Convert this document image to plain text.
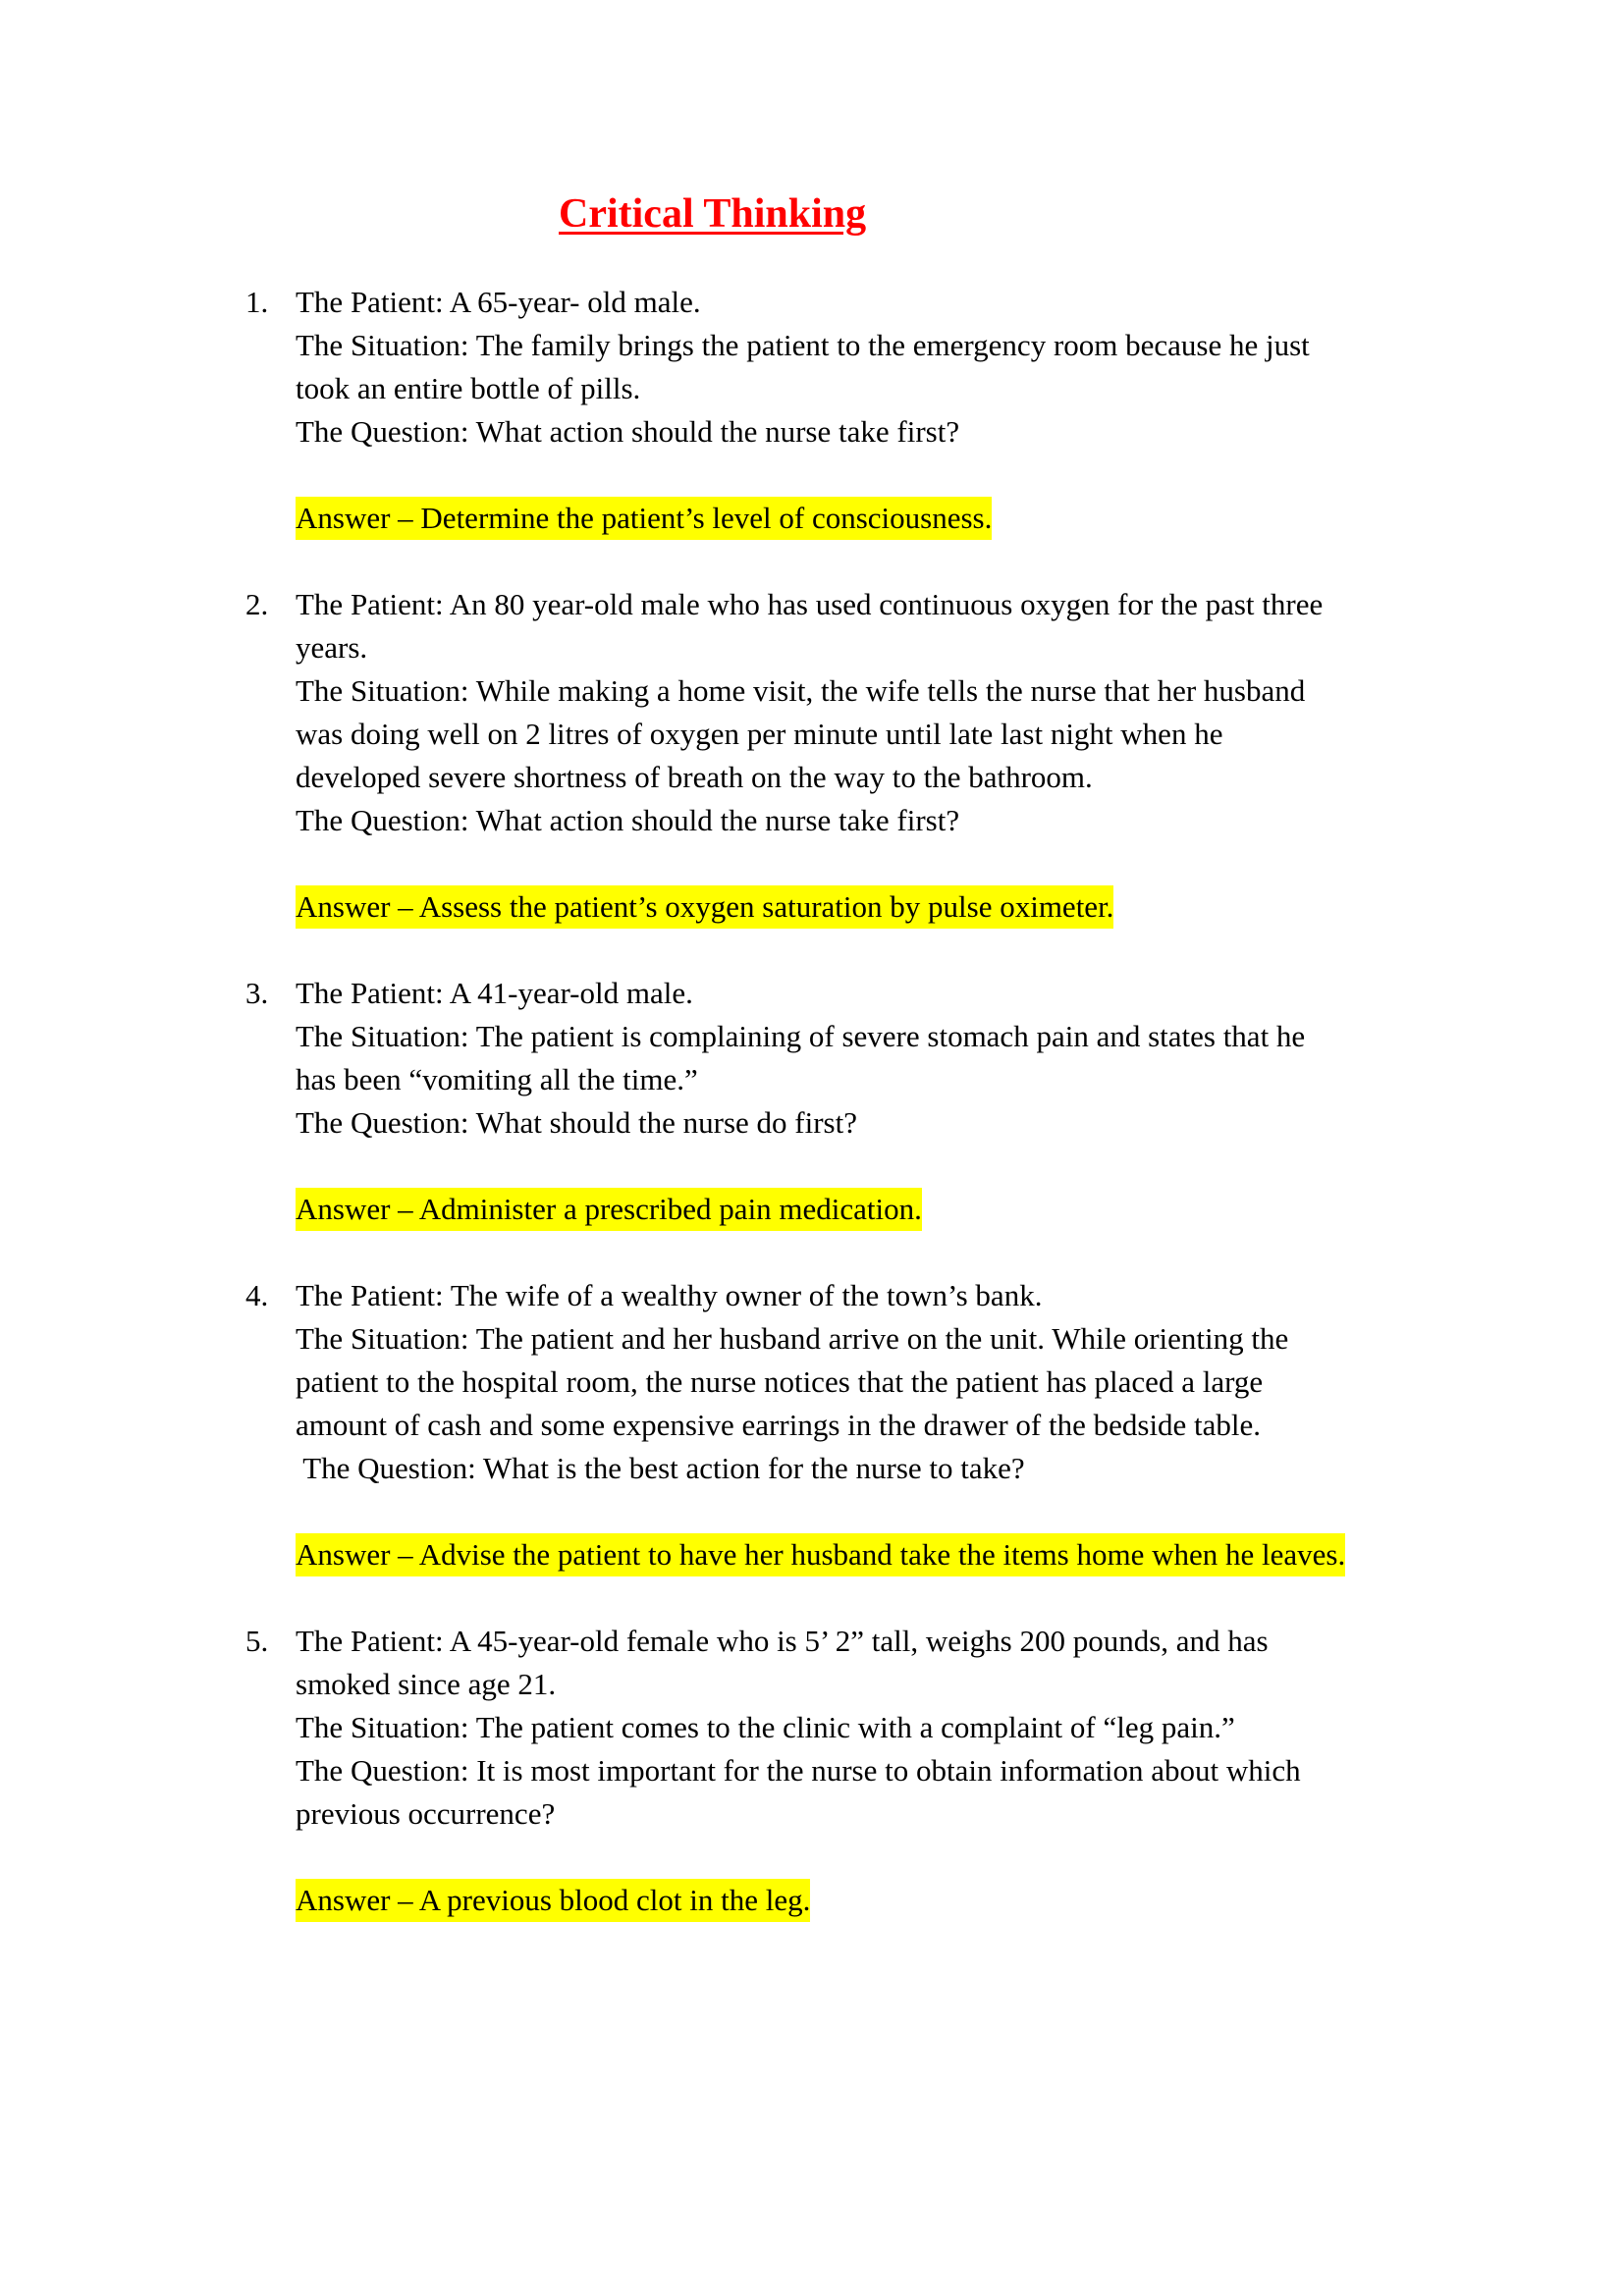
Critical Thinking
1. The Patient: A 65-year- old male.
The Situation: The family brings the patient to the emergency room because he just
took an entire bottle of pills.
The Question: What action should the nurse take first?
Answer – Determine the patient’s level of consciousness.
2. The Patient: An 80 year-old male who has used continuous oxygen for the past three
years.
The Situation: While making a home visit, the wife tells the nurse that her husband
was doing well on 2 litres of oxygen per minute until late last night when he
developed severe shortness of breath on the way to the bathroom.
The Question: What action should the nurse take first?
Answer – Assess the patient’s oxygen saturation by pulse oximeter.
3. The Patient: A 41-year-old male.
The Situation: The patient is complaining of severe stomach pain and states that he
has been “vomiting all the time.”
The Question: What should the nurse do first?
Answer – Administer a prescribed pain medication.
4. The Patient: The wife of a wealthy owner of the town’s bank.
The Situation: The patient and her husband arrive on the unit. While orienting the
patient to the hospital room, the nurse notices that the patient has placed a large
amount of cash and some expensive earrings in the drawer of the bedside table.
The Question: What is the best action for the nurse to take?
Answer – Advise the patient to have her husband take the items home when he leaves.
5. The Patient: A 45-year-old female who is 5’ 2” tall, weighs 200 pounds, and has
smoked since age 21.
The Situation: The patient comes to the clinic with a complaint of “leg pain.”
The Question: It is most important for the nurse to obtain information about which
previous occurrence?
Answer – A previous blood clot in the leg.
